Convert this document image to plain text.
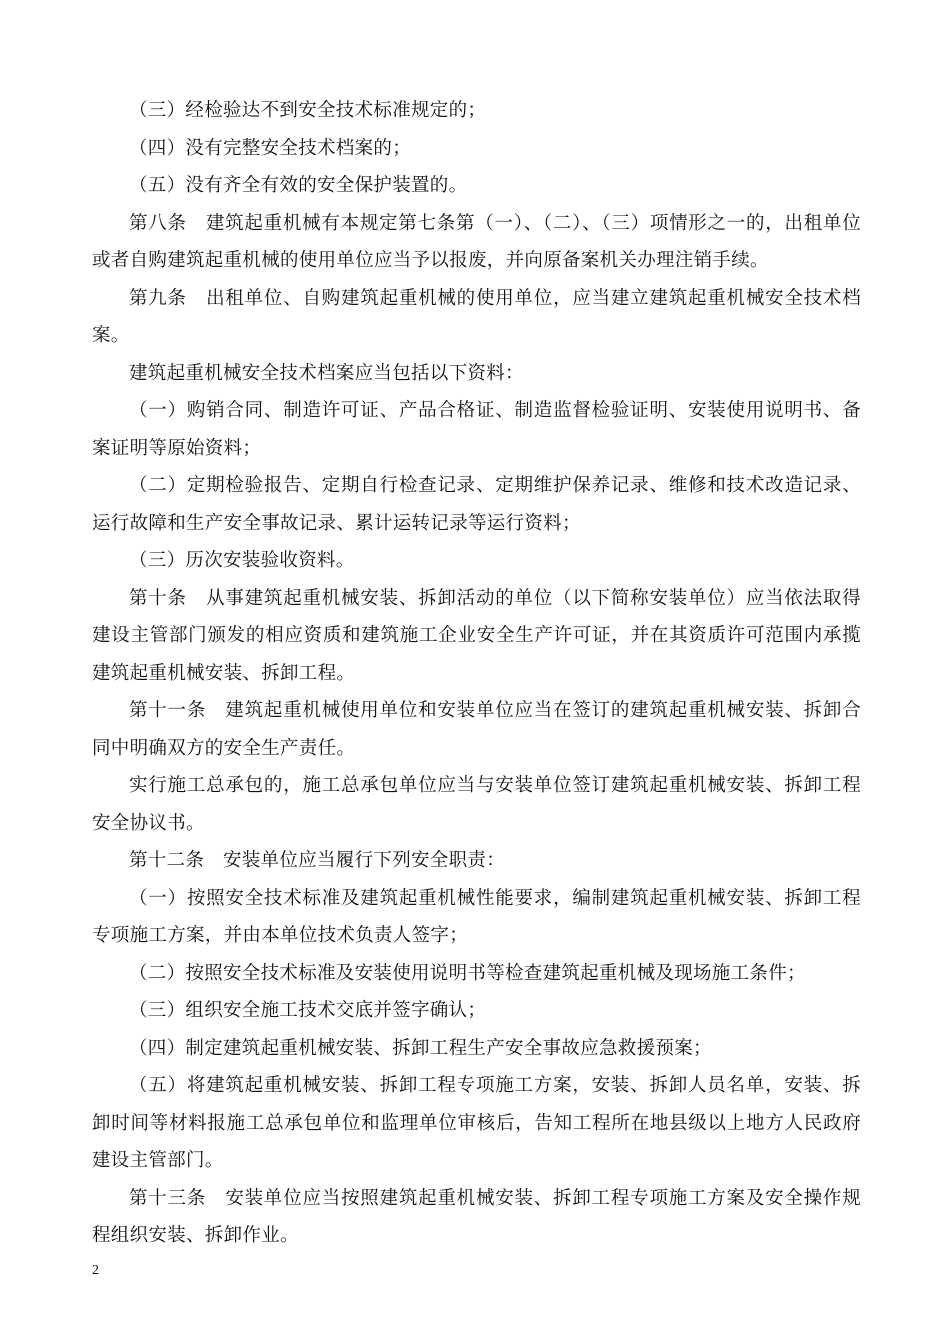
（三）经检验达不到安全技术标准规定的；

（四）没有完整安全技术档案的；

（五）没有齐全有效的安全保护装置的。

第八条　建筑起重机械有本规定第七条第（一）、（二）、（三）项情形之一的，出租单位或者自购建筑起重机械的使用单位应当予以报废，并向原备案机关办理注销手续。

第九条　出租单位、自购建筑起重机械的使用单位，应当建立建筑起重机械安全技术档案。

建筑起重机械安全技术档案应当包括以下资料：

（一）购销合同、制造许可证、产品合格证、制造监督检验证明、安装使用说明书、备案证明等原始资料；

（二）定期检验报告、定期自行检查记录、定期维护保养记录、维修和技术改造记录、运行故障和生产安全事故记录、累计运转记录等运行资料；

（三）历次安装验收资料。

第十条　从事建筑起重机械安装、拆卸活动的单位（以下简称安装单位）应当依法取得建设主管部门颁发的相应资质和建筑施工企业安全生产许可证，并在其资质许可范围内承揽建筑起重机械安装、拆卸工程。

第十一条　建筑起重机械使用单位和安装单位应当在签订的建筑起重机械安装、拆卸合同中明确双方的安全生产责任。

实行施工总承包的，施工总承包单位应当与安装单位签订建筑起重机械安装、拆卸工程安全协议书。

第十二条　安装单位应当履行下列安全职责：

（一）按照安全技术标准及建筑起重机械性能要求，编制建筑起重机械安装、拆卸工程专项施工方案，并由本单位技术负责人签字；

（二）按照安全技术标准及安装使用说明书等检查建筑起重机械及现场施工条件；

（三）组织安全施工技术交底并签字确认；

（四）制定建筑起重机械安装、拆卸工程生产安全事故应急救援预案；

（五）将建筑起重机械安装、拆卸工程专项施工方案，安装、拆卸人员名单，安装、拆卸时间等材料报施工总承包单位和监理单位审核后，告知工程所在地县级以上地方人民政府建设主管部门。

第十三条　安装单位应当按照建筑起重机械安装、拆卸工程专项施工方案及安全操作规程组织安装、拆卸作业。

2
